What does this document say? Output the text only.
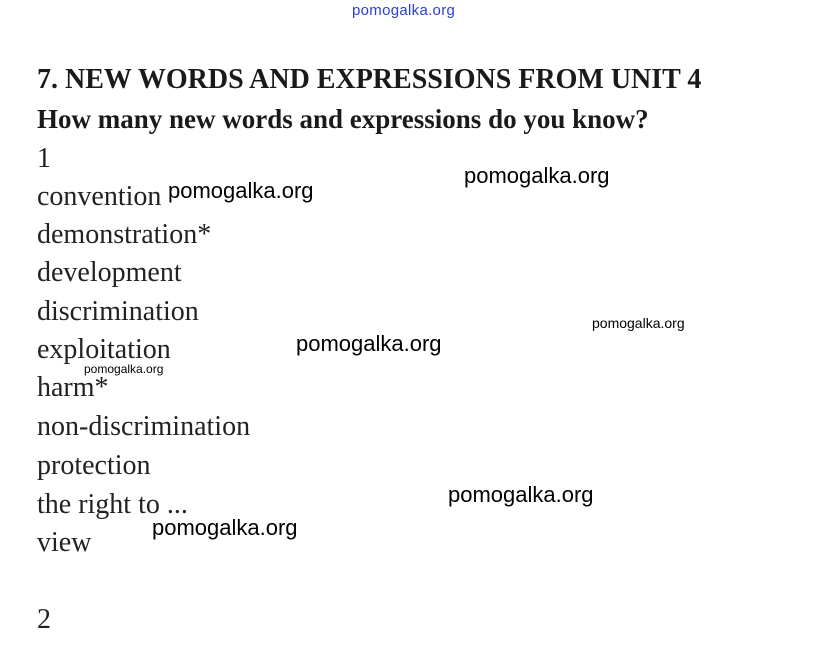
pomogalka.org
7. NEW WORDS AND EXPRESSIONS FROM UNIT 4
How many new words and expressions do you know?
1
convention
demonstration*
development
discrimination
exploitation
harm*
non-discrimination
protection
the right to ...
view
2
pomogalka.org
pomogalka.org
pomogalka.org
pomogalka.org
pomogalka.org
pomogalka.org
pomogalka.org
